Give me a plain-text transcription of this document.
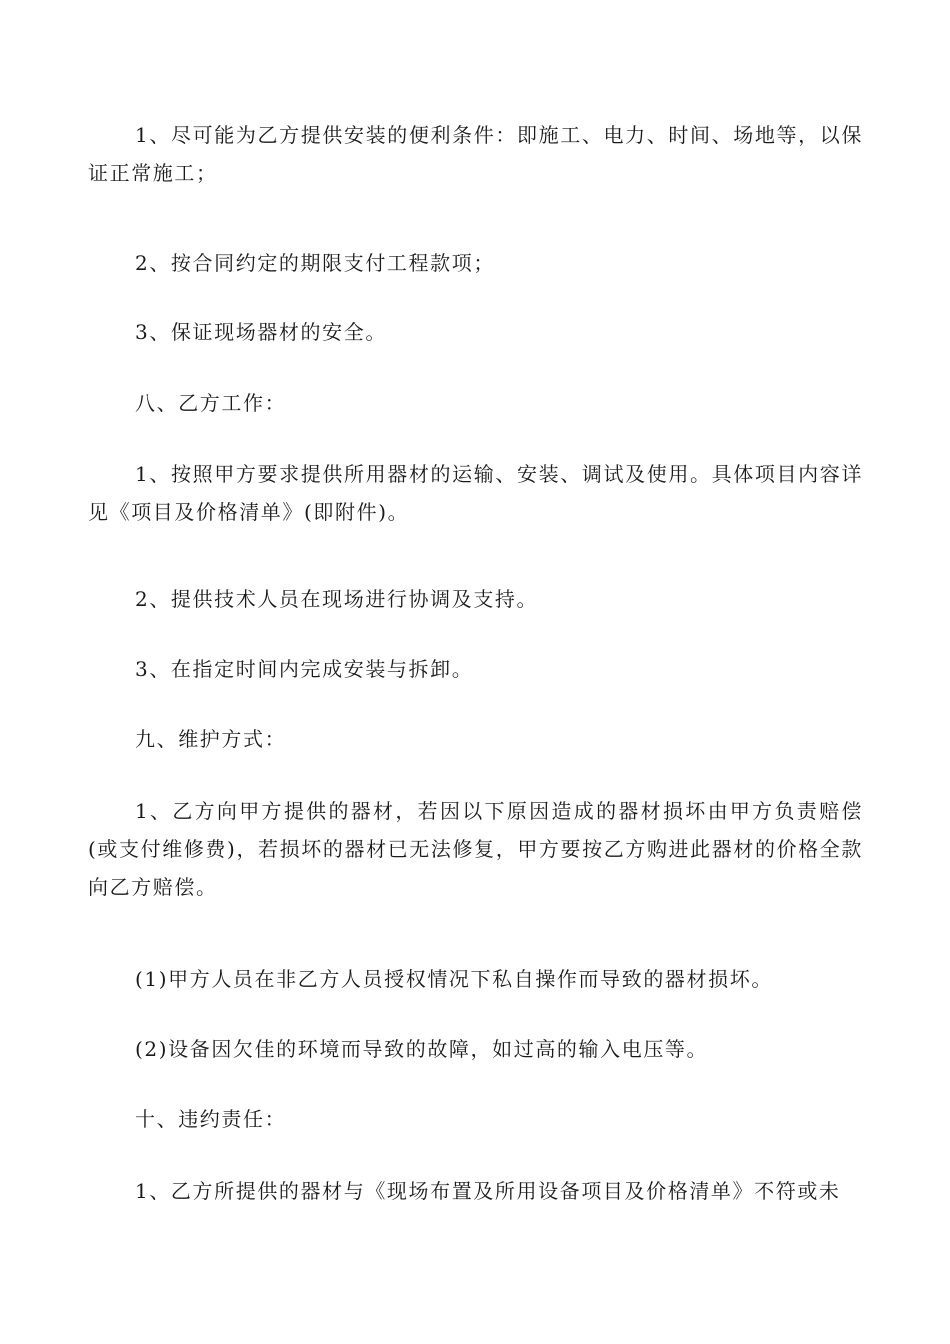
1、尽可能为乙方提供安装的便利条件：即施工、电力、时间、场地等，以保证正常施工；

2、按合同约定的期限支付工程款项；

3、保证现场器材的安全。

八、乙方工作：

1、按照甲方要求提供所用器材的运输、安装、调试及使用。具体项目内容详见《项目及价格清单》(即附件)。

2、提供技术人员在现场进行协调及支持。

3、在指定时间内完成安装与拆卸。

九、维护方式：

1、乙方向甲方提供的器材，若因以下原因造成的器材损坏由甲方负责赔偿(或支付维修费)，若损坏的器材已无法修复，甲方要按乙方购进此器材的价格全款向乙方赔偿。

(1)甲方人员在非乙方人员授权情况下私自操作而导致的器材损坏。

(2)设备因欠佳的环境而导致的故障，如过高的输入电压等。

十、违约责任：

1、乙方所提供的器材与《现场布置及所用设备项目及价格清单》不符或未
